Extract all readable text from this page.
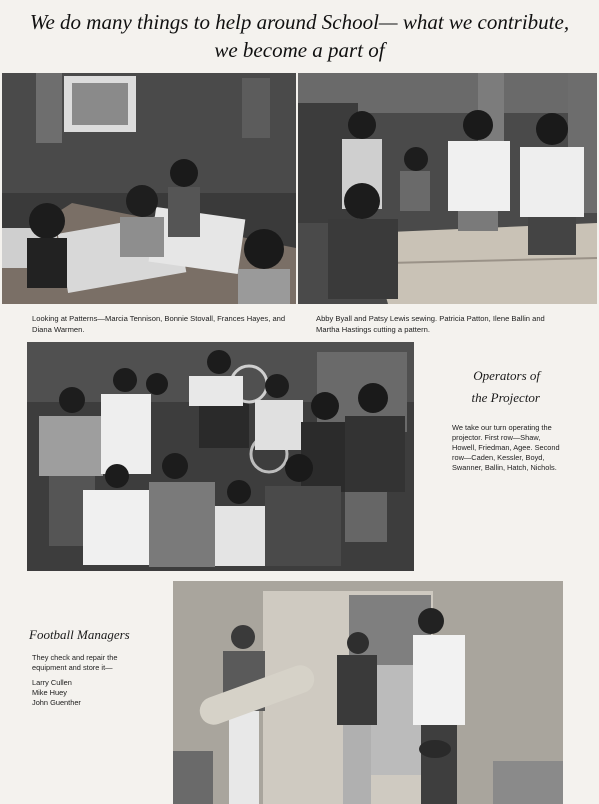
We do many things to help around School— what we contribute,
we become a part of
Looking at Patterns—Marcia Tennison, Bonnie Stovall, Frances Hayes, and Diana Warmen.
Abby Byall and Patsy Lewis sewing. Patricia Patton, Ilene Ballin and Martha Hastings cutting a pattern.
Operators of
the Projector
We take our turn operating the projector. First row—Shaw, Howell, Friedman, Agee. Second row—Caden, Kessler, Boyd, Swanner, Ballin, Hatch, Nichols.
Football Managers
They check and repair the equipment and store it—
Larry Cullen
Mike Huey
John Guenther
